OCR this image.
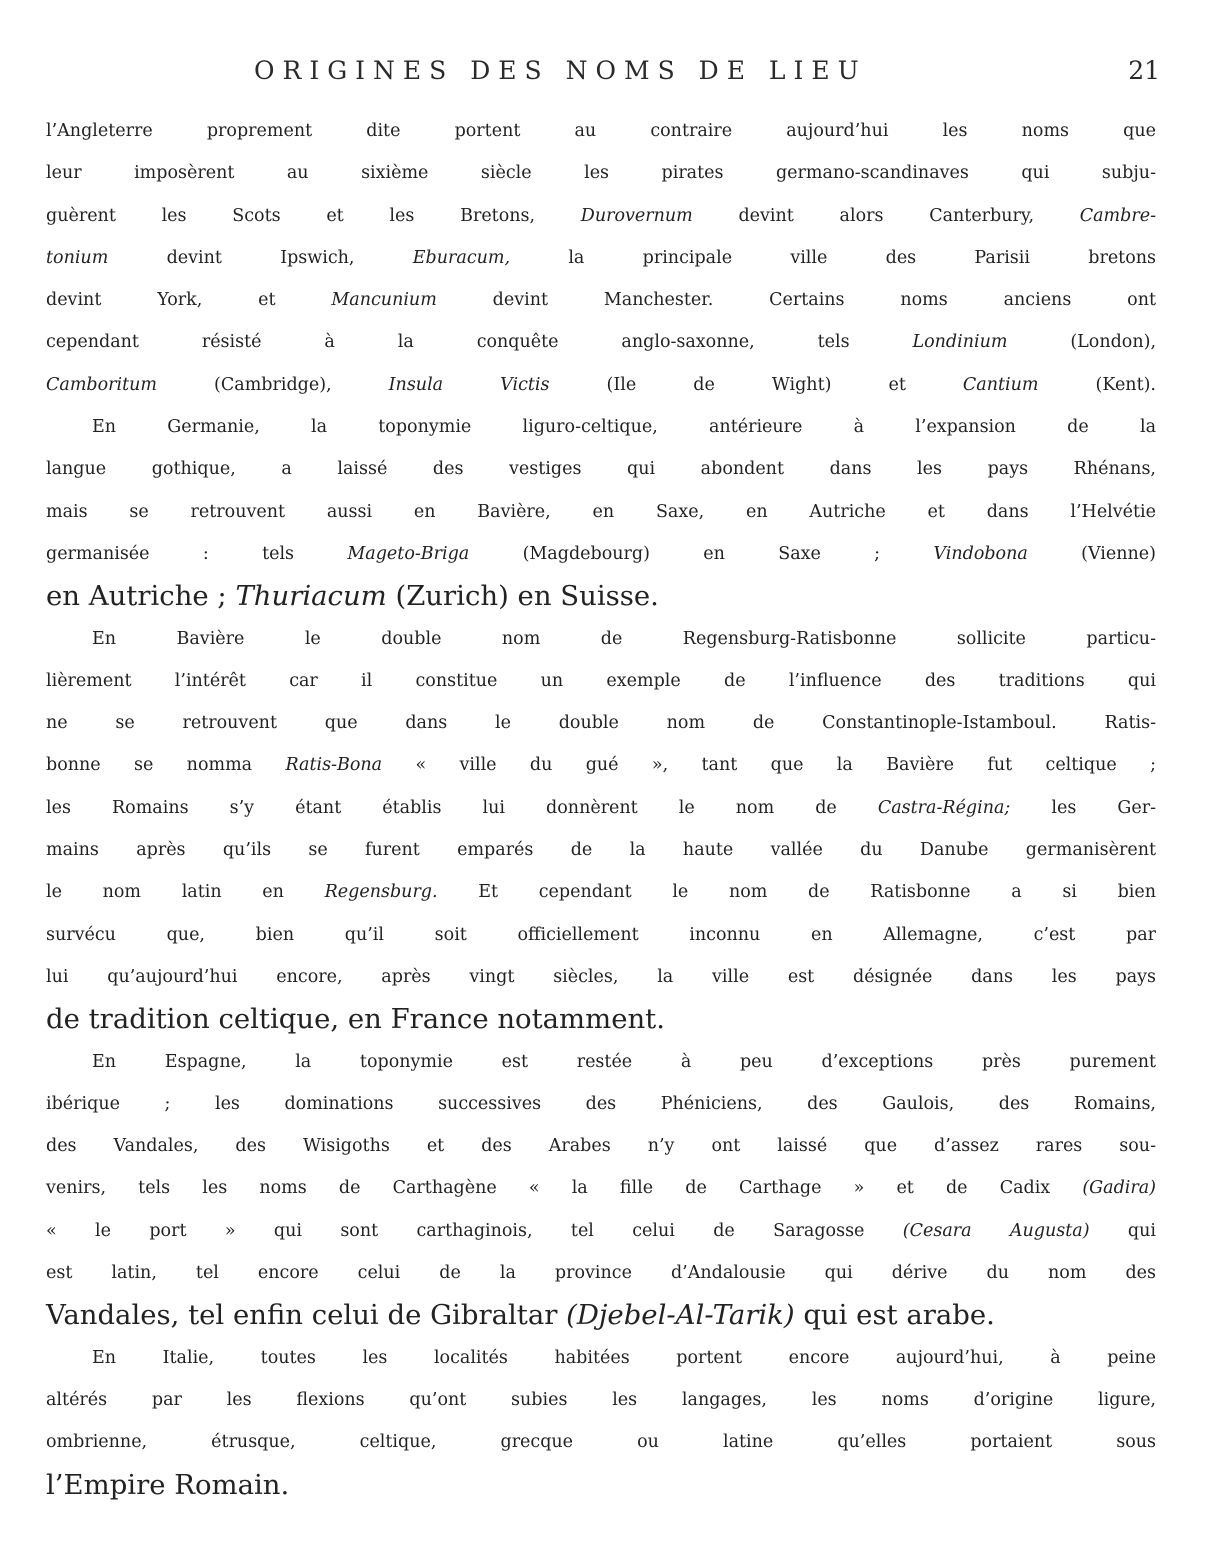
ORIGINES DES NOMS DE LIEU	21
l’Angleterre proprement dite portent au contraire aujourd’hui les noms que
leur imposèrent au sixième siècle les pirates germano-scandinaves qui subju-
guèrent les Scots et les Bretons, Durovernum devint alors Canterbury, Cambre-
tonium devint Ipswich, Eburacum, la principale ville des Parisii bretons
devint York, et Mancunium devint Manchester. Certains noms anciens ont
cependant résisté à la conquête anglo-saxonne, tels Londinium (London),
Camboritum (Cambridge), Insula Victis (Ile de Wight) et Cantium (Kent).
En Germanie, la toponymie liguro-celtique, antérieure à l’expansion de la
langue gothique, a laissé des vestiges qui abondent dans les pays Rhénans,
mais se retrouvent aussi en Bavière, en Saxe, en Autriche et dans l’Helvétie
germanisée : tels Mageto-Briga (Magdebourg) en Saxe ; Vindobona (Vienne)
en Autriche ; Thuriacum (Zurich) en Suisse.
En Bavière le double nom de Regensburg-Ratisbonne sollicite particu-
lièrement l’intérêt car il constitue un exemple de l’influence des traditions qui
ne se retrouvent que dans le double nom de Constantinople-Istamboul. Ratis-
bonne se nomma Ratis-Bona « ville du gué », tant que la Bavière fut celtique ;
les Romains s’y étant établis lui donnèrent le nom de Castra-Régina; les Ger-
mains après qu’ils se furent emparés de la haute vallée du Danube germanisèrent
le nom latin en Regensburg. Et cependant le nom de Ratisbonne a si bien
survécu que, bien qu’il soit officiellement inconnu en Allemagne, c’est par
lui qu’aujourd’hui encore, après vingt siècles, la ville est désignée dans les pays
de tradition celtique, en France notamment.
En Espagne, la toponymie est restée à peu d’exceptions près purement
ibérique ; les dominations successives des Phéniciens, des Gaulois, des Romains,
des Vandales, des Wisigoths et des Arabes n’y ont laissé que d’assez rares sou-
venirs, tels les noms de Carthagène « la fille de Carthage » et de Cadix (Gadira)
« le port » qui sont carthaginois, tel celui de Saragosse (Cesara Augusta) qui
est latin, tel encore celui de la province d’Andalousie qui dérive du nom des
Vandales, tel enfin celui de Gibraltar (Djebel-Al-Tarik) qui est arabe.
En Italie, toutes les localités habitées portent encore aujourd’hui, à peine
altérés par les flexions qu’ont subies les langages, les noms d’origine ligure,
ombrienne, étrusque, celtique, grecque ou latine qu’elles portaient sous
l’Empire Romain.
